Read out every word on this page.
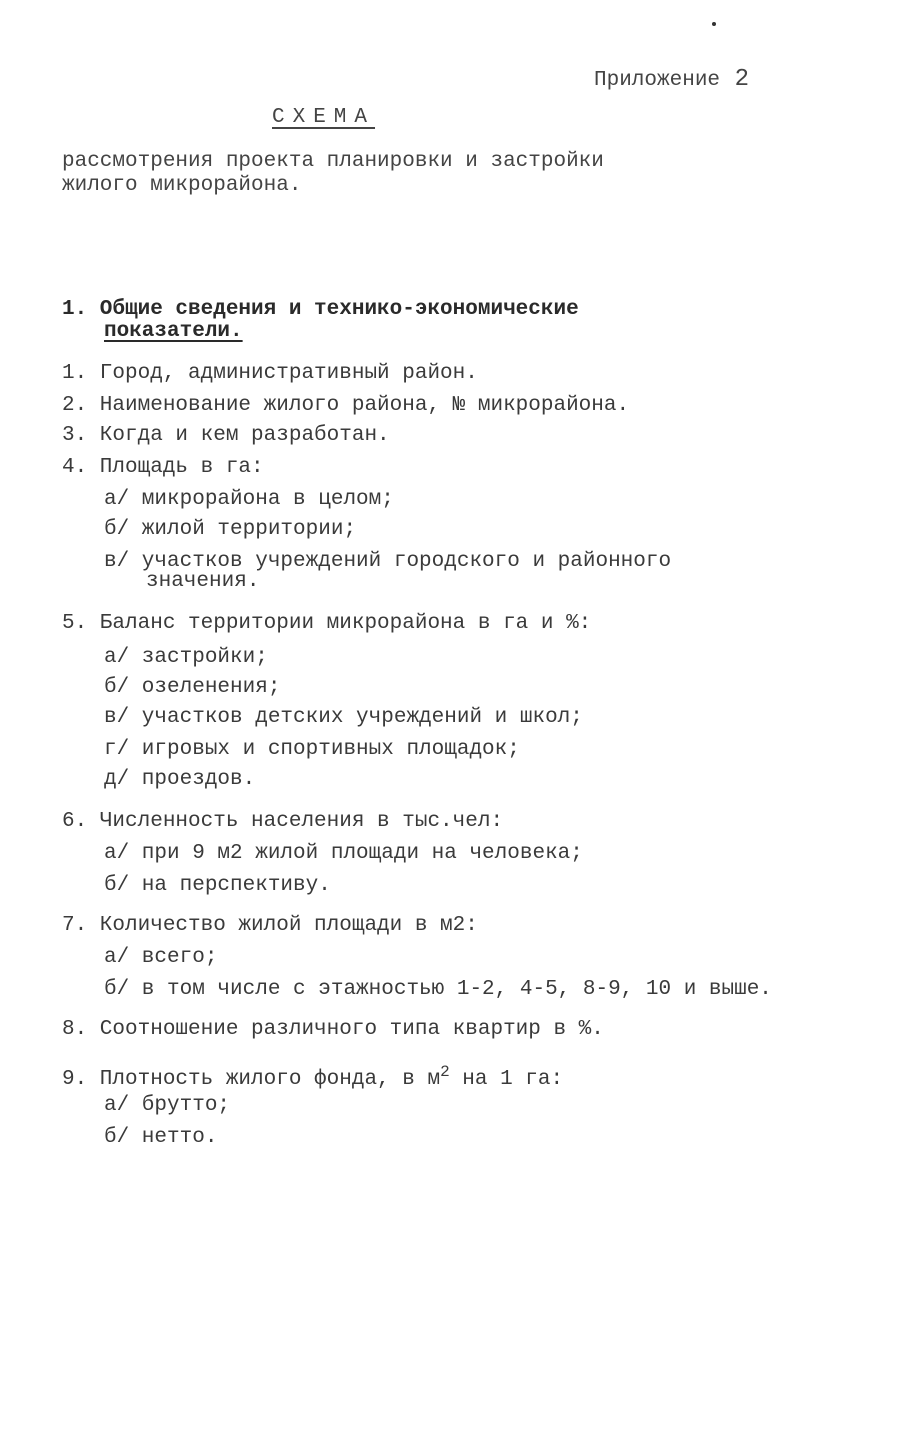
Приложение 2
СХЕМА
рассмотрения проекта планировки и застройки
жилого микрорайона.
1. Общие сведения и технико-экономические
показатели.
1. Город, административный район.
2. Наименование жилого района, № микрорайона.
3. Когда и кем разработан.
4. Площадь в га:
а/ микрорайона в целом;
б/ жилой территории;
в/ участков учреждений городского и районного
значения.
5. Баланс территории микрорайона в га и %:
а/ застройки;
б/ озеленения;
в/ участков детских учреждений и школ;
г/ игровых и спортивных площадок;
д/ проездов.
6. Численность населения в тыс.чел:
а/ при 9 м2 жилой площади на человека;
б/ на перспективу.
7. Количество жилой площади в м2:
а/ всего;
б/ в том числе с этажностью 1-2, 4-5, 8-9, 10 и выше.
8. Соотношение различного типа квартир в %.
9. Плотность жилого фонда, в $м^2$ на 1 га:
а/ брутто;
б/ нетто.
